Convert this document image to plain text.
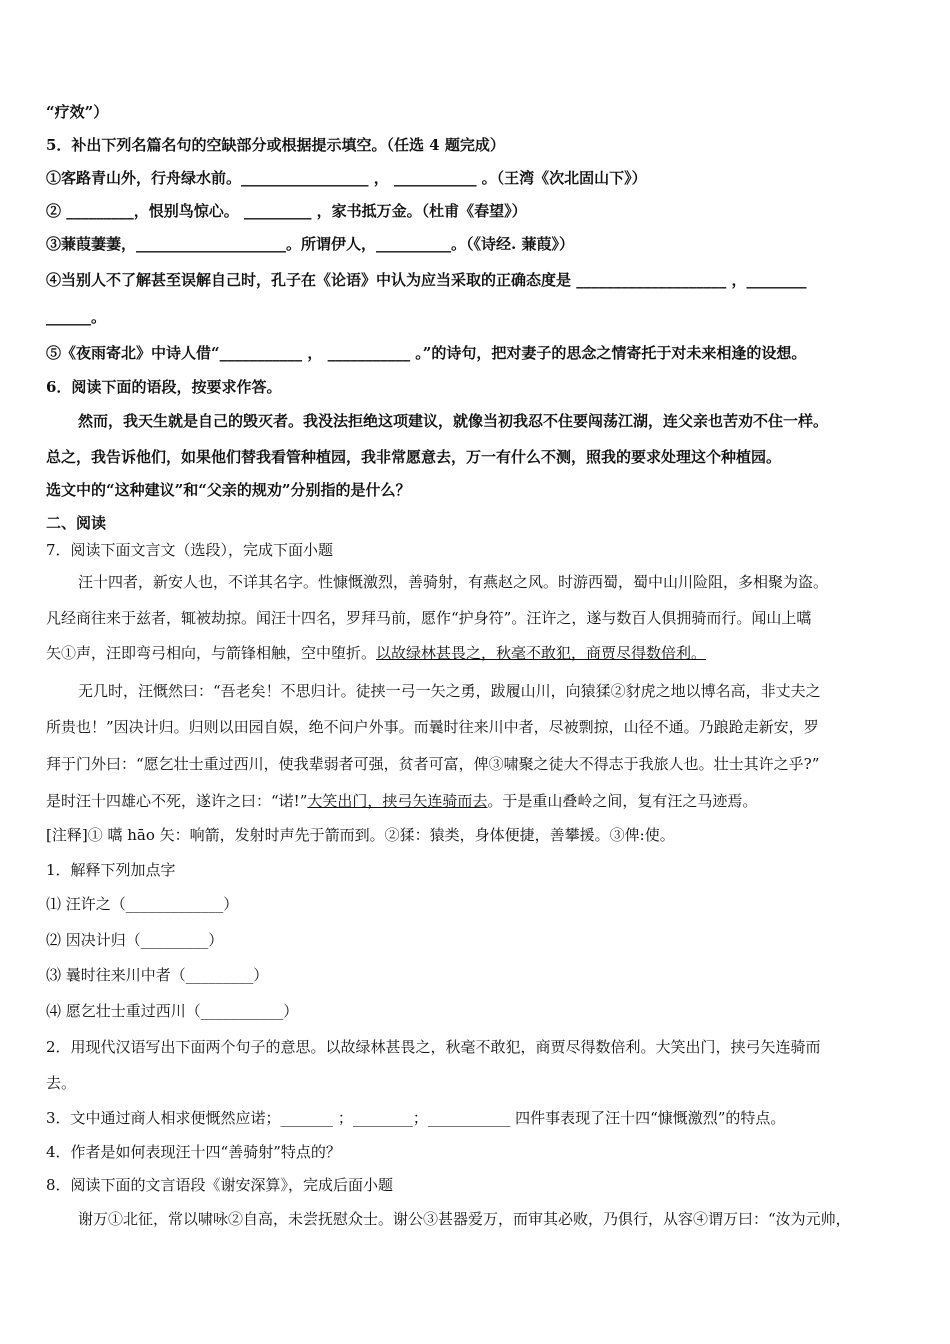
“疗效”）
5．补出下列名篇名句的空缺部分或根据提示填空。（任选 4 题完成）
①客路青山外，行舟绿水前。_________________ ， ___________ 。（王湾《次北固山下》）
② _________，恨别鸟惊心。 _________ ，家书抵万金。（杜甫《春望》）
③蒹葭萋萋，____________________。所谓伊人，__________。（《诗经. 蒹葭》）
④当别人不了解甚至误解自己时，孔子在《论语》中认为应当采取的正确态度是 ____________________ ，________
______。
⑤《夜雨寄北》中诗人借“___________ ， ___________ 。”的诗句，把对妻子的思念之情寄托于对未来相逢的设想。
6．阅读下面的语段，按要求作答。
然而，我天生就是自己的毁灭者。我没法拒绝这项建议，就像当初我忍不住要闯荡江湖，连父亲也苦劝不住一样。
总之，我告诉他们，如果他们替我看管种植园，我非常愿意去，万一有什么不测，照我的要求处理这个种植园。
选文中的“这种建议”和“父亲的规劝”分别指的是什么？
二、阅读
7．阅读下面文言文（选段），完成下面小题
汪十四者，新安人也，不详其名字。性慷慨激烈，善骑射，有燕赵之风。时游西蜀，蜀中山川险阻，多相聚为盗。
凡经商往来于兹者，辄被劫掠。闻汪十四名，罗拜马前，愿作“护身符”。汪许之，遂与数百人俱拥骑而行。闻山上嚆
矢①声，汪即弯弓相向，与箭锋相触，空中堕折。以故绿林甚畏之，秋毫不敢犯，商贾尽得数倍利。
无几时，汪慨然曰：“吾老矣！不思归计。徒挟一弓一矢之勇，跋履山川，向猿猱②豺虎之地以博名高，非丈夫之
所贵也！”因决计归。归则以田园自娱，绝不问户外事。而曩时往来川中者，尽被剽掠，山径不通。乃踉跄走新安，罗
拜于门外曰：“愿乞壮士重过西川，使我辈弱者可强，贫者可富，俾③啸聚之徒大不得志于我旅人也。壮士其许之乎?”
是时汪十四雄心不死，遂许之曰：“诺!”大笑出门，挟弓矢连骑而去。于是重山叠岭之间，复有汪之马迹焉。
[注释]① 嚆 hāo 矢：响箭，发射时声先于箭而到。②猱：猿类，身体便捷，善攀援。③俾:使。
1．解释下列加点字
⑴ 汪许之（_____________）
⑵ 因决计归（_________）
⑶ 曩时往来川中者（_________）
⑷ 愿乞壮士重过西川（___________）
2．用现代汉语写出下面两个句子的意思。以故绿林甚畏之，秋毫不敢犯，商贾尽得数倍利。大笑出门，挟弓矢连骑而
去。
3．文中通过商人相求便慨然应诺；_______ ；________；___________ 四件事表现了汪十四“慷慨激烈”的特点。
4．作者是如何表现汪十四“善骑射”特点的？
8．阅读下面的文言语段《谢安深算》，完成后面小题
谢万①北征，常以啸咏②自高，未尝抚慰众士。谢公③甚器爱万，而审其必败，乃俱行，从容④谓万曰：“汝为元帅，
